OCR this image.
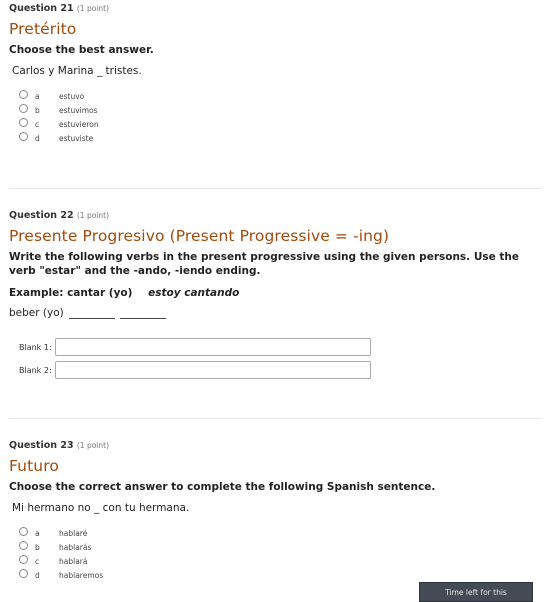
Question 21 (1 point)
Pretérito
Choose the best answer.
Carlos y Marina _ tristes.
a	estuvo
b	estuvimos
c	estuvieron
d	estuviste
Question 22 (1 point)
Presente Progresivo (Present Progressive = -ing)
Write the following verbs in the present progressive using the given persons. Use the verb "estar" and the -ando, -iendo ending.
Example: cantar (yo) estoy cantando
beber (yo)
Blank 1:
Blank 2:
Question 23 (1 point)
Futuro
Choose the correct answer to complete the following Spanish sentence.
Mi hermano no _ con tu hermana.
a	hablaré
b	hablarás
c	hablará
d	hablaremos
Time left for this
